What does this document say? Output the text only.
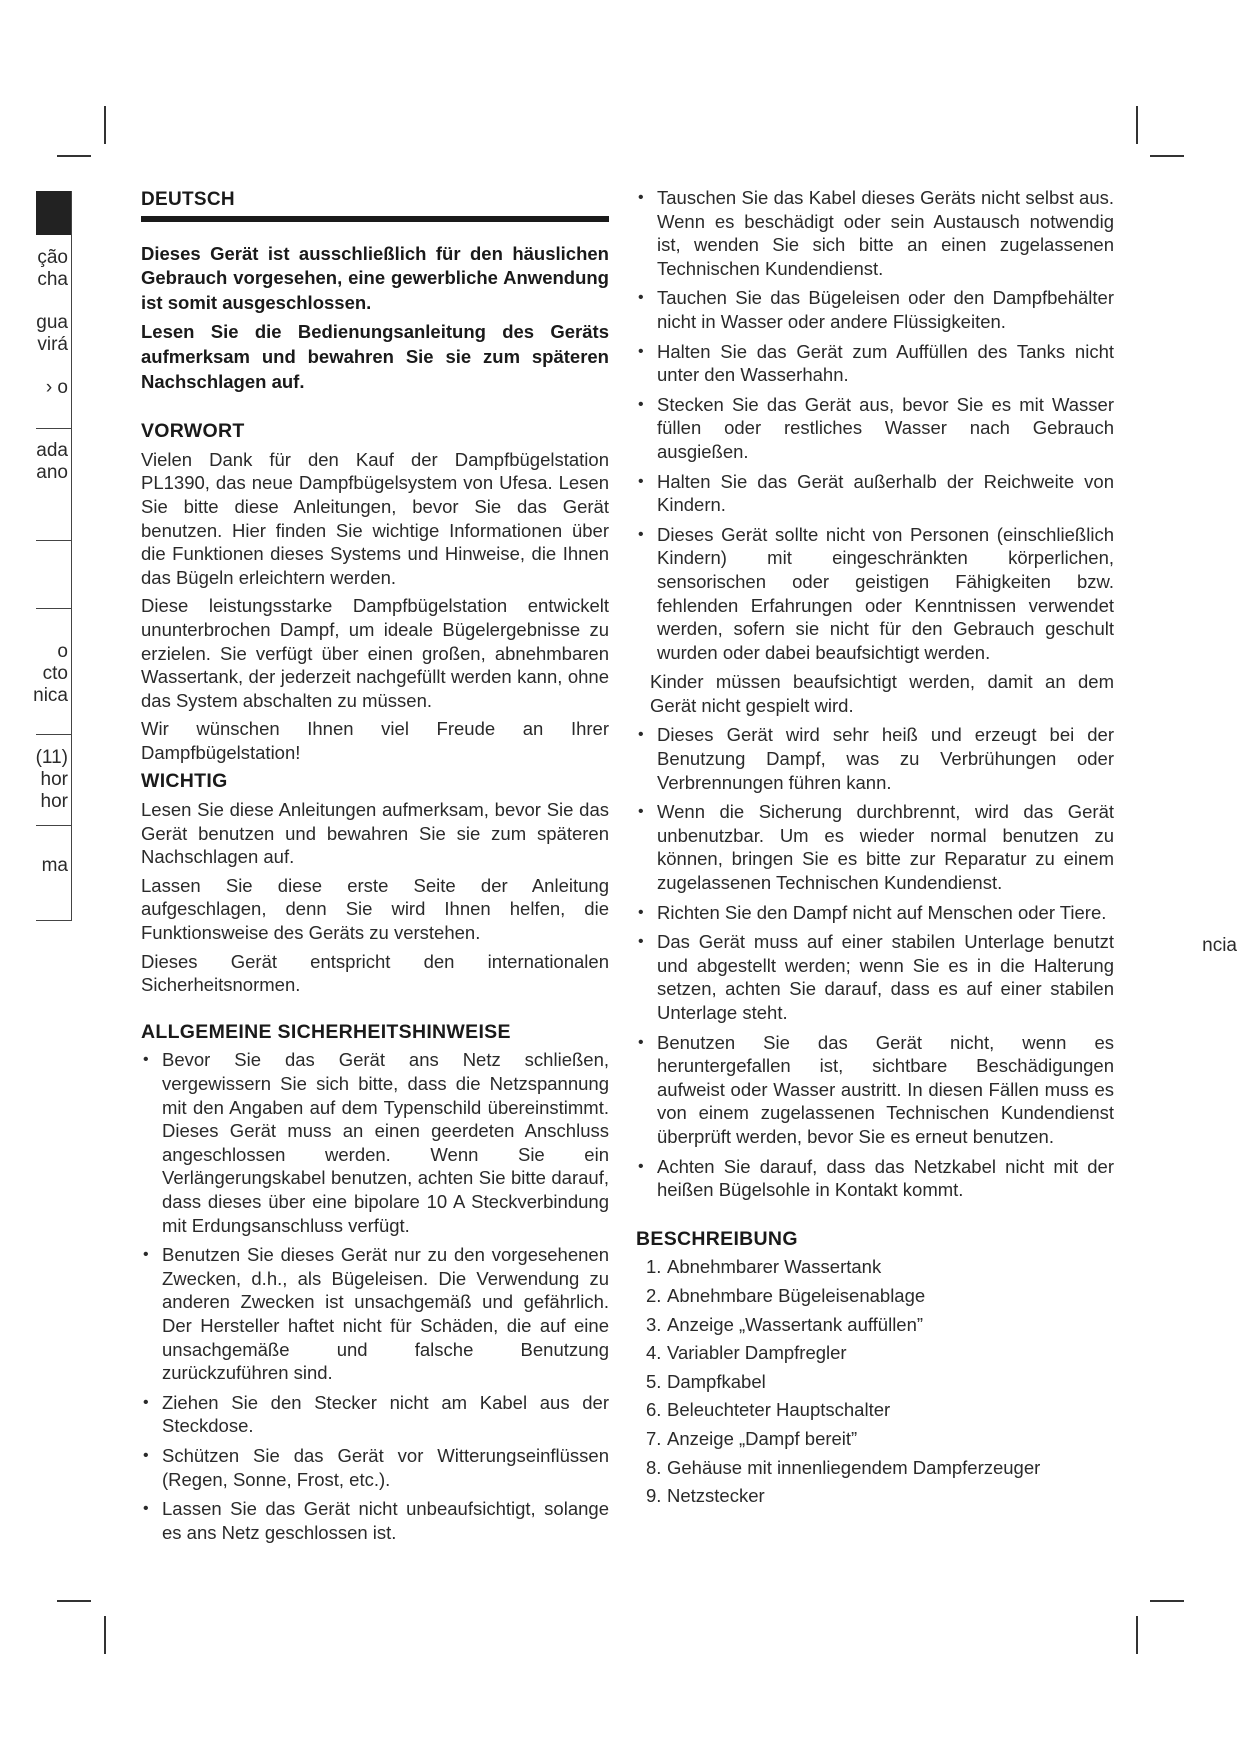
ção
cha
gua
virá
› o
ada
ano
o
cto
nica
(11)
hor
hor
ma
ncia
DEUTSCH

Dieses Gerät ist ausschließlich für den häuslichen Gebrauch vorgesehen, eine gewerbliche Anwendung ist somit ausgeschlossen.

Lesen Sie die Bedienungsanleitung des Geräts aufmerksam und bewahren Sie sie zum späteren Nachschlagen auf.

VORWORT

Vielen Dank für den Kauf der Dampfbügelstation PL1390, das neue Dampfbügelsystem von Ufesa. Lesen Sie bitte diese Anleitungen, bevor Sie das Gerät benutzen. Hier finden Sie wichtige Informationen über die Funktionen dieses Systems und Hinweise, die Ihnen das Bügeln erleichtern werden.

Diese leistungsstarke Dampfbügelstation entwickelt ununterbrochen Dampf, um ideale Bügelergebnisse zu erzielen. Sie verfügt über einen großen, abnehmbaren Wassertank, der jederzeit nachgefüllt werden kann, ohne das System abschalten zu müssen.

Wir wünschen Ihnen viel Freude an Ihrer Dampfbügelstation!

WICHTIG

Lesen Sie diese Anleitungen aufmerksam, bevor Sie das Gerät benutzen und bewahren Sie sie zum späteren Nachschlagen auf.

Lassen Sie diese erste Seite der Anleitung aufgeschlagen, denn Sie wird Ihnen helfen, die Funktionsweise des Geräts zu verstehen.

Dieses Gerät entspricht den internationalen Sicherheitsnormen.

ALLGEMEINE SICHERHEITSHINWEISE
• Bevor Sie das Gerät ans Netz schließen, vergewissern Sie sich bitte, dass die Netzspannung mit den Angaben auf dem Typenschild übereinstimmt. Dieses Gerät muss an einen geerdeten Anschluss angeschlossen werden. Wenn Sie ein Verlängerungskabel benutzen, achten Sie bitte darauf, dass dieses über eine bipolare 10 A Steckverbindung mit Erdungsanschluss verfügt.
• Benutzen Sie dieses Gerät nur zu den vorgesehenen Zwecken, d.h., als Bügeleisen. Die Verwendung zu anderen Zwecken ist unsachgemäß und gefährlich. Der Hersteller haftet nicht für Schäden, die auf eine unsachgemäße und falsche Benutzung zurückzuführen sind.
• Ziehen Sie den Stecker nicht am Kabel aus der Steckdose.
• Schützen Sie das Gerät vor Witterungseinflüssen (Regen, Sonne, Frost, etc.).
• Lassen Sie das Gerät nicht unbeaufsichtigt, solange es ans Netz geschlossen ist.
• Tauschen Sie das Kabel dieses Geräts nicht selbst aus. Wenn es beschädigt oder sein Austausch notwendig ist, wenden Sie sich bitte an einen zugelassenen Technischen Kundendienst.
• Tauchen Sie das Bügeleisen oder den Dampfbehälter nicht in Wasser oder andere Flüssigkeiten.
• Halten Sie das Gerät zum Auffüllen des Tanks nicht unter den Wasserhahn.
• Stecken Sie das Gerät aus, bevor Sie es mit Wasser füllen oder restliches Wasser nach Gebrauch ausgießen.
• Halten Sie das Gerät außerhalb der Reichweite von Kindern.
• Dieses Gerät sollte nicht von Personen (einschließlich Kindern) mit eingeschränkten körperlichen, sensorischen oder geistigen Fähigkeiten bzw. fehlenden Erfahrungen oder Kenntnissen verwendet werden, sofern sie nicht für den Gebrauch geschult wurden oder dabei beaufsichtigt werden.

Kinder müssen beaufsichtigt werden, damit an dem Gerät nicht gespielt wird.

• Dieses Gerät wird sehr heiß und erzeugt bei der Benutzung Dampf, was zu Verbrühungen oder Verbrennungen führen kann.
• Wenn die Sicherung durchbrennt, wird das Gerät unbenutzbar. Um es wieder normal benutzen zu können, bringen Sie es bitte zur Reparatur zu einem zugelassenen Technischen Kundendienst.
• Richten Sie den Dampf nicht auf Menschen oder Tiere.
• Das Gerät muss auf einer stabilen Unterlage benutzt und abgestellt werden; wenn Sie es in die Halterung setzen, achten Sie darauf, dass es auf einer stabilen Unterlage steht.
• Benutzen Sie das Gerät nicht, wenn es heruntergefallen ist, sichtbare Beschädigungen aufweist oder Wasser austritt. In diesen Fällen muss es von einem zugelassenen Technischen Kundendienst überprüft werden, bevor Sie es erneut benutzen.
• Achten Sie darauf, dass das Netzkabel nicht mit der heißen Bügelsohle in Kontakt kommt.
BESCHREIBUNG
1. Abnehmbarer Wassertank
2. Abnehmbare Bügeleisenablage
3. Anzeige „Wassertank auffüllen”
4. Variabler Dampfregler
5. Dampfkabel
6. Beleuchteter Hauptschalter
7. Anzeige „Dampf bereit”
8. Gehäuse mit innenliegendem Dampferzeuger
9. Netzstecker
